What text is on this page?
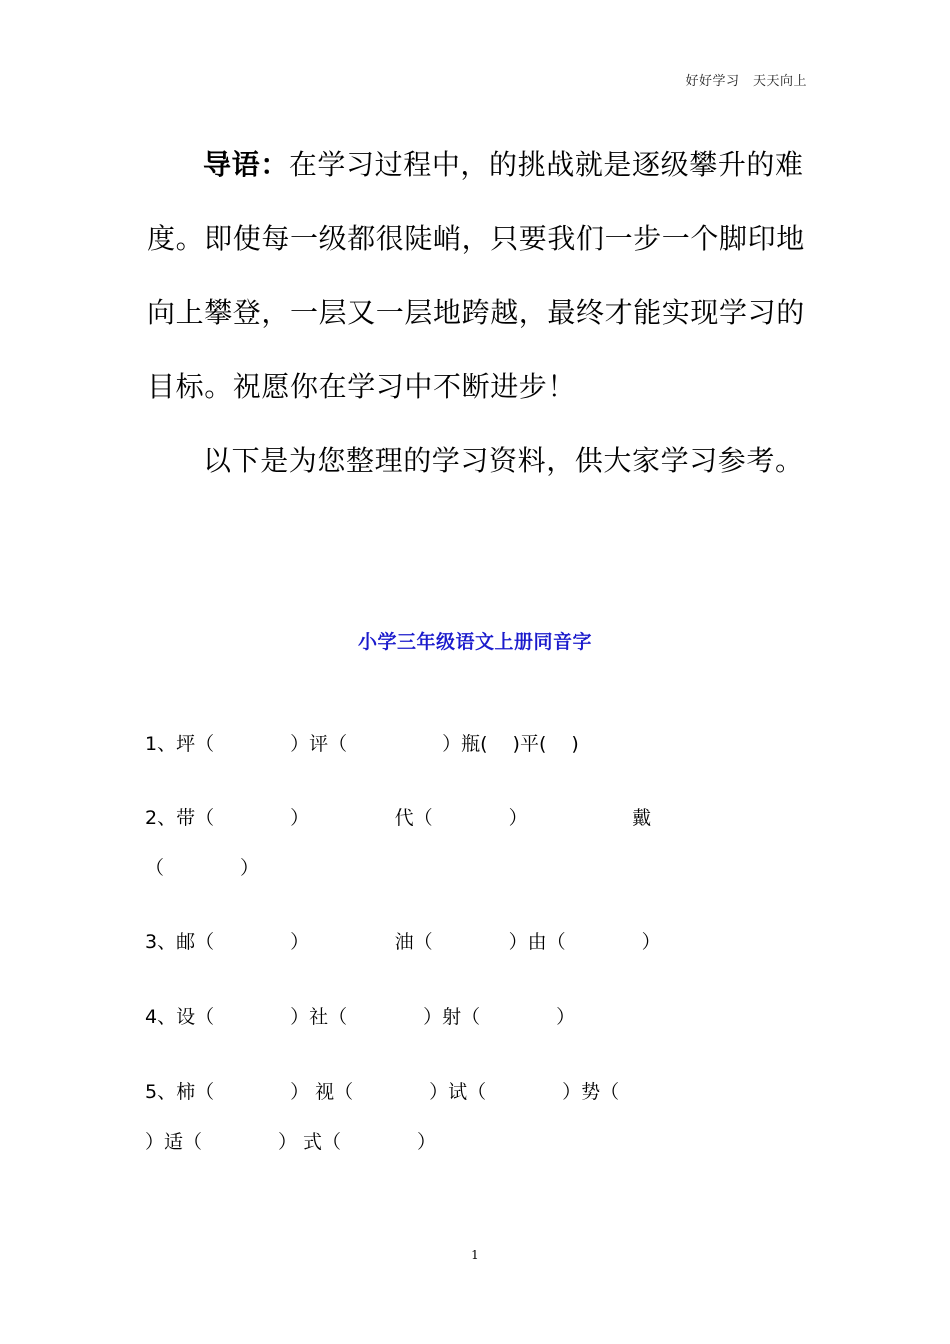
好好学习　天天向上

导语：在学习过程中，的挑战就是逐级攀升的难度。即使每一级都很陡峭，只要我们一步一个脚印地向上攀登，一层又一层地跨越，最终才能实现学习的目标。祝愿你在学习中不断进步！

以下是为您整理的学习资料，供大家学习参考。

小学三年级语文上册同音字
1、坪（　　　　）评（　　　　　）瓶(　 )平(　 )
2、带（　　　　）　　　　　代（　　　　）　　　　　　戴
（　　　　）
3、邮（　　　　）　　　　　油（　　　　）由（　　　　）
4、设（　　　　）社（　　　　）射（　　　　）
5、柿（　　　　） 视（　　　　）试（　　　　）势（
）适（　　　　） 式（　　　　）
1
